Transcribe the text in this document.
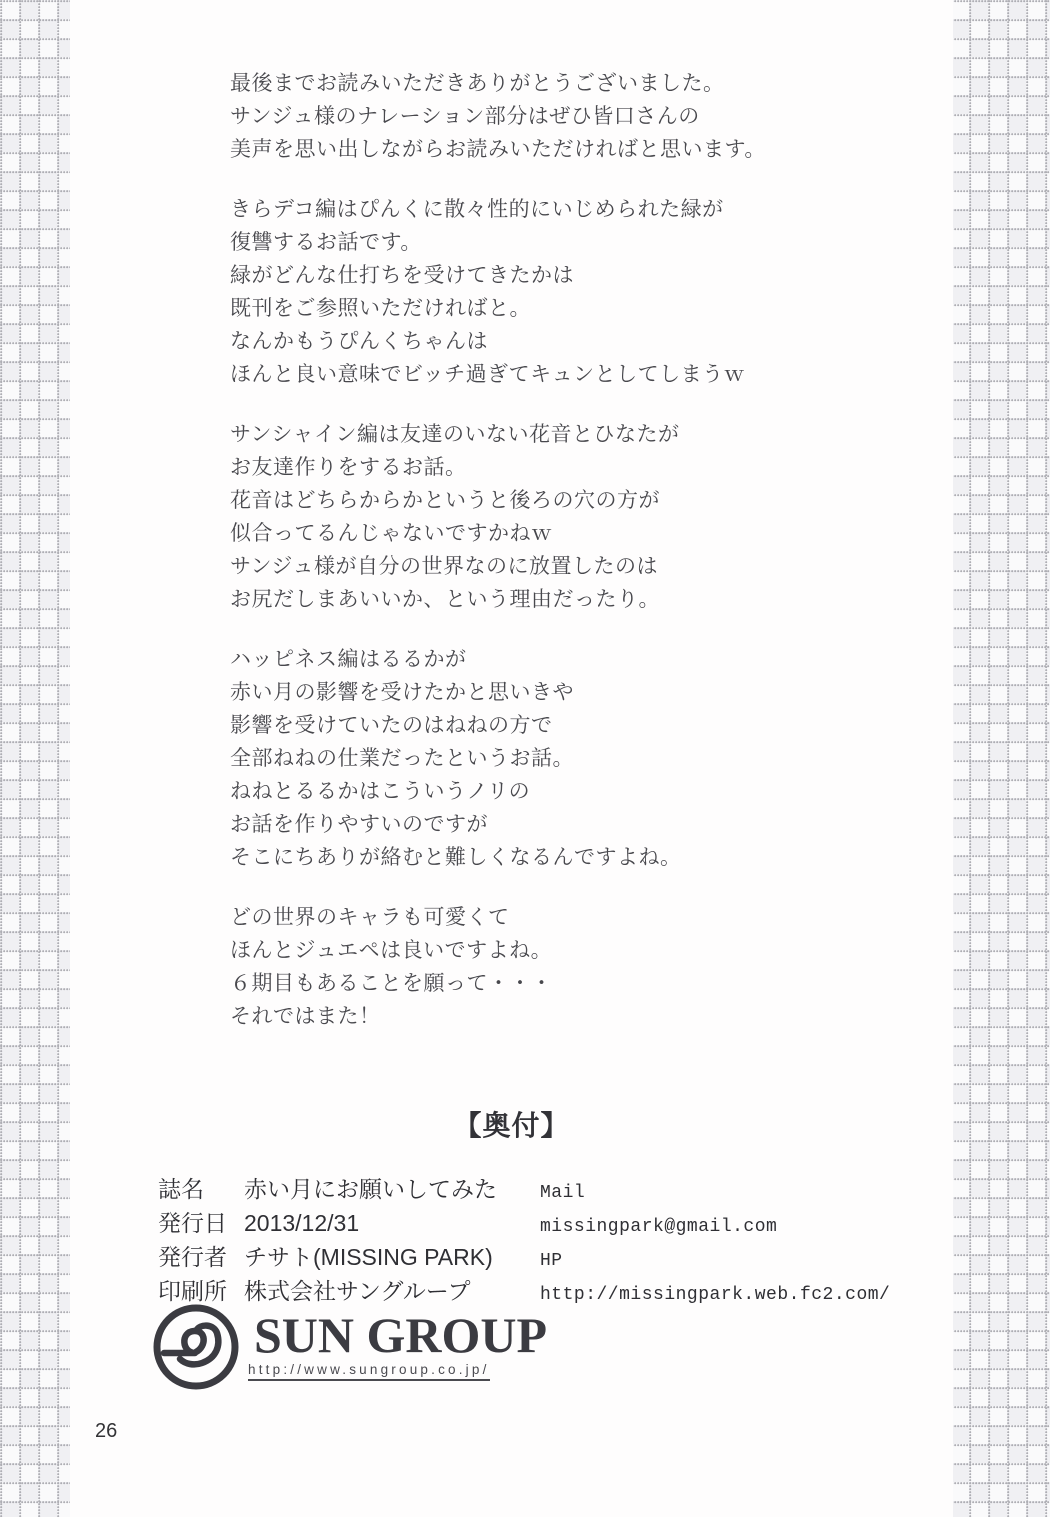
最後までお読みいただきありがとうございました。
サンジュ様のナレーション部分はぜひ皆口さんの
美声を思い出しながらお読みいただければと思います。
きらデコ編はぴんくに散々性的にいじめられた緑が
復讐するお話です。
緑がどんな仕打ちを受けてきたかは
既刊をご参照いただければと。
なんかもうぴんくちゃんは
ほんと良い意味でビッチ過ぎてキュンとしてしまうｗ
サンシャイン編は友達のいない花音とひなたが
お友達作りをするお話。
花音はどちらからかというと後ろの穴の方が
似合ってるんじゃないですかねｗ
サンジュ様が自分の世界なのに放置したのは
お尻だしまあいいか、という理由だったり。
ハッピネス編はるるかが
赤い月の影響を受けたかと思いきや
影響を受けていたのはねねの方で
全部ねねの仕業だったというお話。
ねねとるるかはこういうノリの
お話を作りやすいのですが
そこにちありが絡むと難しくなるんですよね。
どの世界のキャラも可愛くて
ほんとジュエペは良いですよね。
６期目もあることを願って・・・
それではまた！
【奥付】
誌名	赤い月にお願いしてみた
発行日 2013/12/31
発行者 チサト(MISSING PARK)
印刷所 株式会社サングループ
Mail
missingpark@gmail.com
HP
http://missingpark.web.fc2.com/
SUN GROUP
http://www.sungroup.co.jp/
26
